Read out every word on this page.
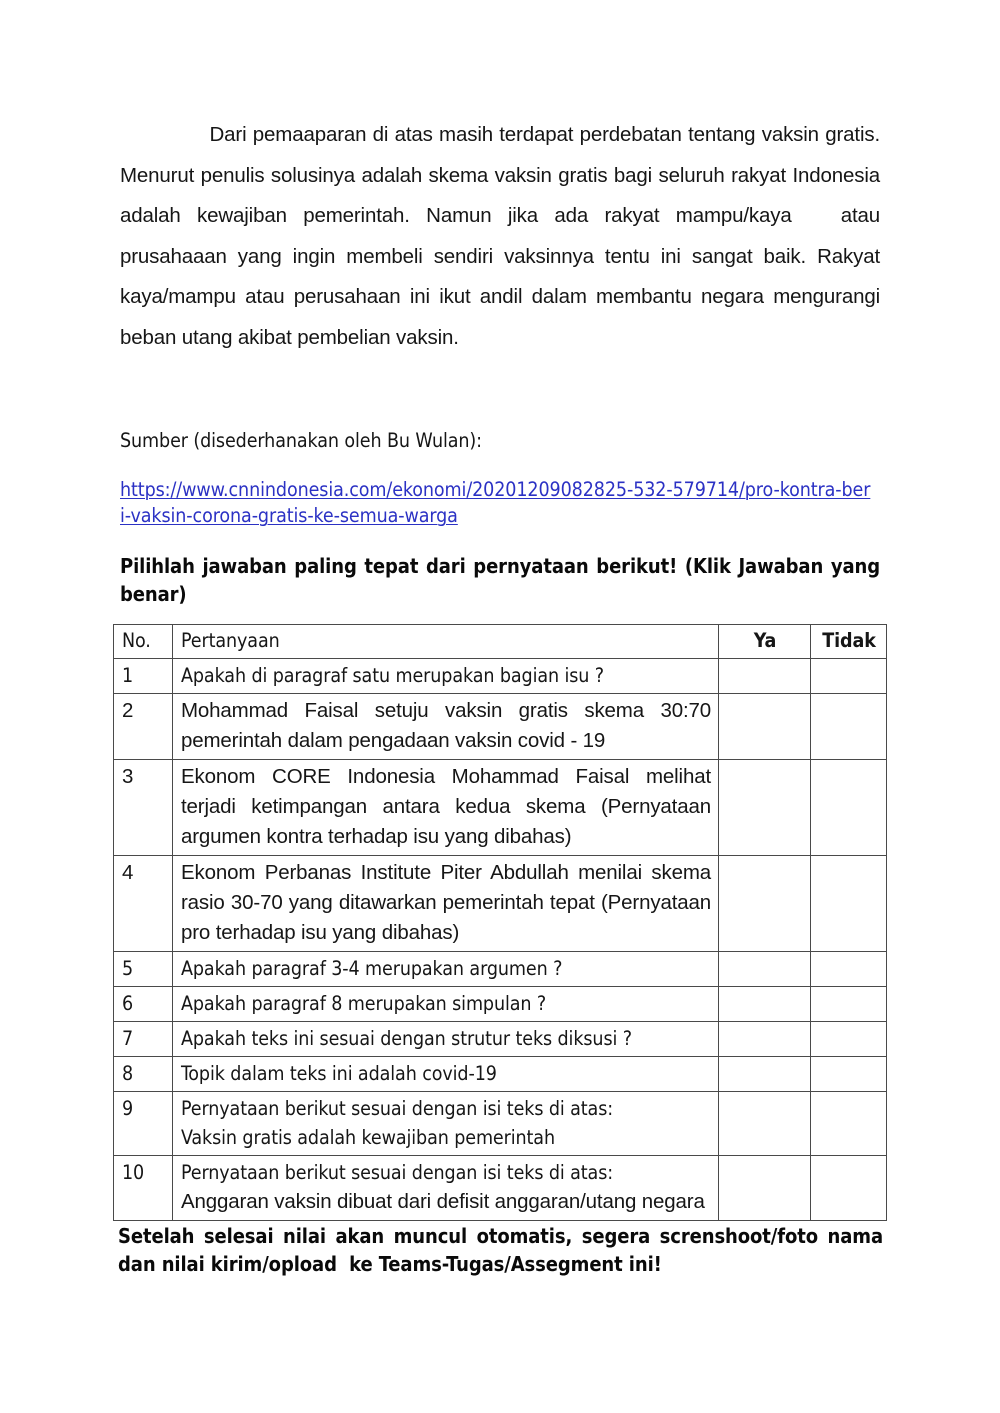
	Dari pemaaparan di atas masih terdapat perdebatan tentang vaksin gratis. Menurut penulis solusinya adalah skema vaksin gratis bagi seluruh rakyat Indonesia adalah kewajiban pemerintah. Namun jika ada rakyat mampu/kaya   atau prusahaaan yang ingin membeli sendiri vaksinnya tentu ini sangat baik. Rakyat kaya/mampu atau perusahaan ini ikut andil dalam membantu negara mengurangi beban utang akibat pembelian vaksin.

Sumber (disederhanakan oleh Bu Wulan):

https://www.cnnindonesia.com/ekonomi/20201209082825-532-579714/pro-kontra-beri-vaksin-corona-gratis-ke-semua-warga

Pilihlah jawaban paling tepat dari pernyataan berikut! (Klik Jawaban yang benar)

No.	Pertanyaan	Ya	Tidak
1	Apakah di paragraf satu merupakan bagian isu ?		
2	Mohammad Faisal setuju vaksin gratis skema 30:70 pemerintah dalam pengadaan vaksin covid - 19		
3	Ekonom CORE Indonesia Mohammad Faisal melihat terjadi ketimpangan antara kedua skema (Pernyataan argumen kontra terhadap isu yang dibahas)		
4	Ekonom Perbanas Institute Piter Abdullah menilai skema rasio 30-70 yang ditawarkan pemerintah tepat (Pernyataan pro terhadap isu yang dibahas)		
5	Apakah paragraf 3-4 merupakan argumen ?		
6	Apakah paragraf 8 merupakan simpulan ?		
7	Apakah teks ini sesuai dengan strutur teks diksusi ?		
8	Topik dalam teks ini adalah covid-19		
9	Pernyataan berikut sesuai dengan isi teks di atas:
Vaksin gratis adalah kewajiban pemerintah		

10	Pernyataan berikut sesuai dengan isi teks di atas:
Anggaran vaksin dibuat dari defisit anggaran/utang negara		

Setelah selesai nilai akan muncul otomatis, segera screnshoot/foto nama dan nilai kirim/opload  ke Teams-Tugas/Assegment ini!
